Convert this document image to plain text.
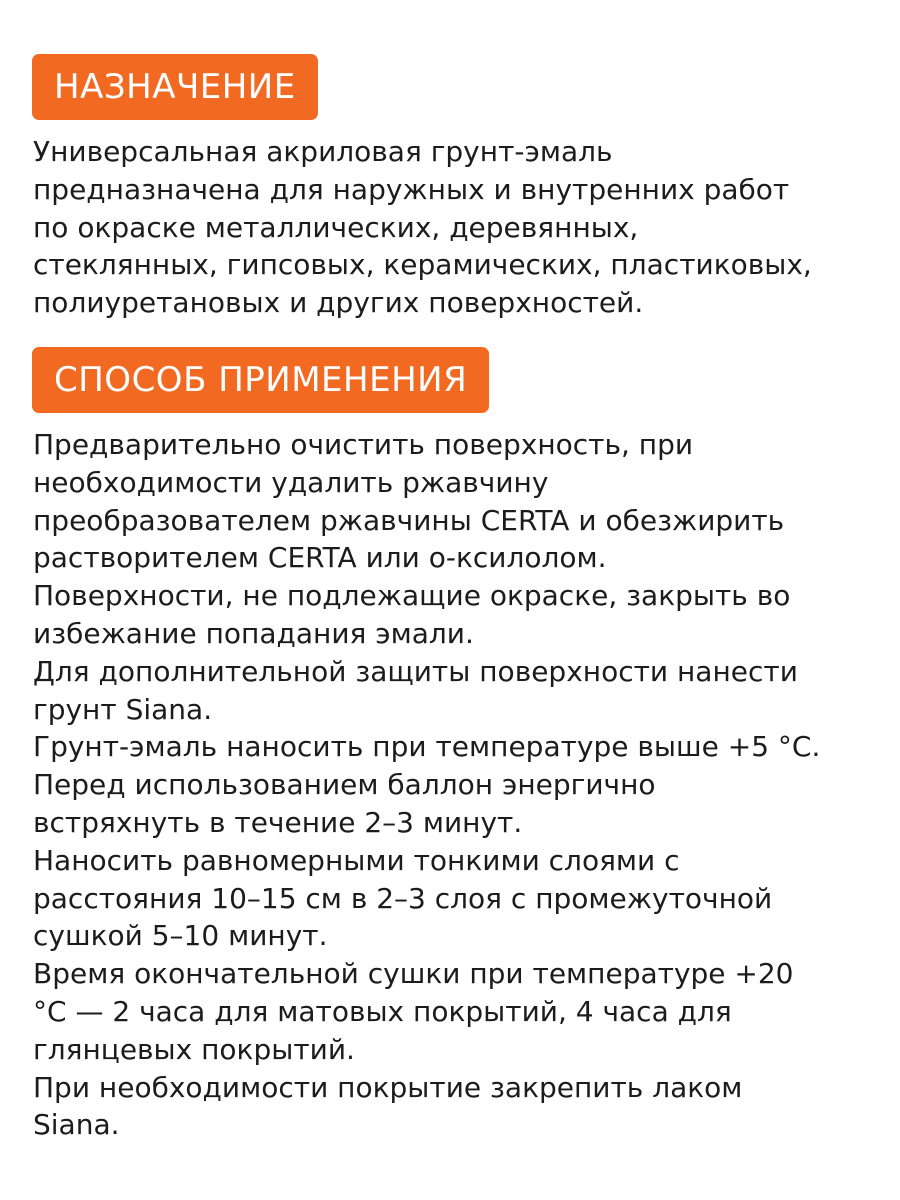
НАЗНАЧЕНИЕ
Универсальная акриловая грунт-эмаль
предназначена для наружных и внутренних работ
по окраске металлических, деревянных,
стеклянных, гипсовых, керамических, пластиковых,
полиуретановых и других поверхностей.
СПОСОБ ПРИМЕНЕНИЯ
Предварительно очистить поверхность, при
необходимости удалить ржавчину
преобразователем ржавчины CERTA и обезжирить
растворителем CERTA или о-ксилолом.
Поверхности, не подлежащие окраске, закрыть во
избежание попадания эмали.
Для дополнительной защиты поверхности нанести
грунт Siana.
Грунт-эмаль наносить при температуре выше +5 °С.
Перед использованием баллон энергично
встряхнуть в течение 2–3 минут.
Наносить равномерными тонкими слоями с
расстояния 10–15 см в 2–3 слоя с промежуточной
сушкой 5–10 минут.
Время окончательной сушки при температуре +20
°С — 2 часа для матовых покрытий, 4 часа для
глянцевых покрытий.
При необходимости покрытие закрепить лаком
Siana.
